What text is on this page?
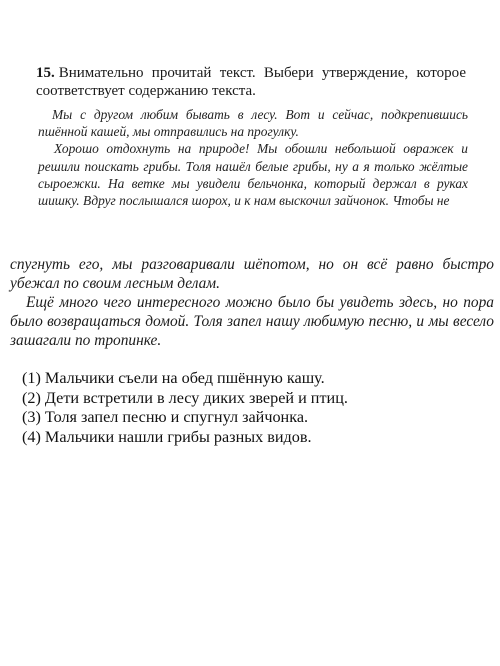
15. Внимательно прочитай текст. Выбери утверждение, которое соответствует содержанию текста.

Мы с другом любим бывать в лесу. Вот и сейчас, подкрепившись пшённой кашей, мы отправились на прогулку.

Хорошо отдохнуть на природе! Мы обошли небольшой овражек и решили поискать грибы. Толя нашёл белые грибы, ну а я только жёлтые сыроежки. На ветке мы увидели бельчонка, который держал в руках шишку. Вдруг послышался шорох, и к нам выскочил зайчонок. Чтобы не

спугнуть его, мы разговаривали шёпотом, но он всё равно быстро убежал по своим лесным делам.

Ещё много чего интересного можно было бы увидеть здесь, но пора было возвращаться домой. Толя запел нашу любимую песню, и мы весело зашагали по тропинке.

(1) Мальчики съели на обед пшённую кашу.
(2) Дети встретили в лесу диких зверей и птиц.
(3) Толя запел песню и спугнул зайчонка.
(4) Мальчики нашли грибы разных видов.
